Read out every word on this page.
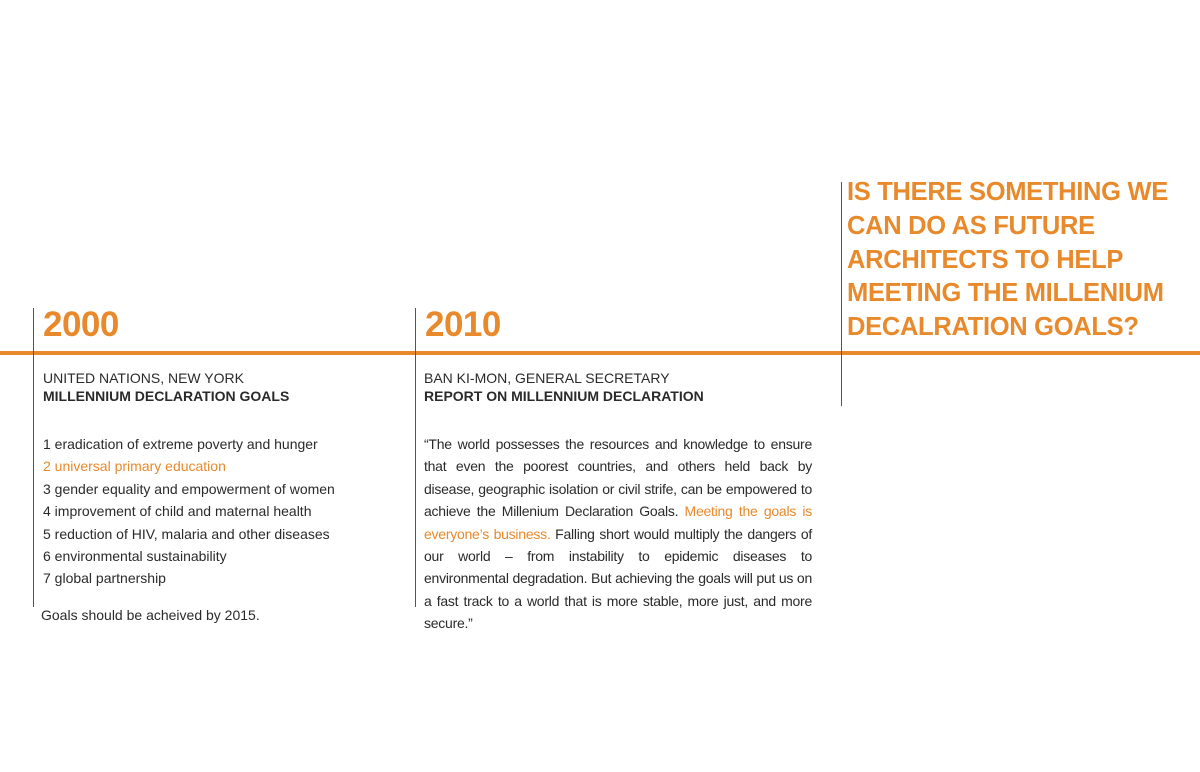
2000	2010
IS THERE SOMETHING WE
CAN DO AS FUTURE
ARCHITECTS TO HELP
MEETING THE MILLENIUM
DECALRATION GOALS?
UNITED NATIONS, NEW YORK
MILLENNIUM DECLARATION GOALS
1 eradication of extreme poverty and hunger
2 universal primary education
3 gender equality and empowerment of women
4 improvement of child and maternal health
5 reduction of HIV, malaria and other diseases
6 environmental sustainability
7 global partnership
Goals should be acheived by 2015.
BAN KI-MON, GENERAL SECRETARY
REPORT ON MILLENNIUM DECLARATION
“The world possesses the resources and knowledge to ensure that even the poorest countries, and others held back by disease, geographic isolation or civil strife, can be empowered to achieve the Millenium Declaration Goals. Meeting the goals is everyone’s business. Falling short would multiply the dangers of our world – from instability to epidemic diseases to environmental degradation. But achieving the goals will put us on a fast track to a world that is more stable, more just, and more secure.”
